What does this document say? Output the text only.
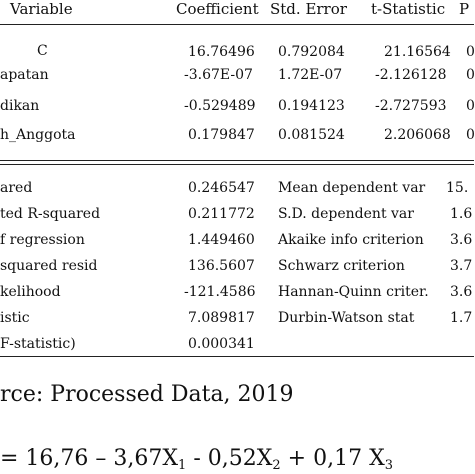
Variable	Coefficient Std. Error t-Statistic P
C	16.76496 0.792084	21.16564 0
apatan	-3.67E-07 1.72E-07 -2.126128 0
dikan	-0.529489 0.194123 -2.727593 0
h_Anggota	0.179847 0.081524	2.206068 0
ared	0.246547 Mean dependent var 15.
ted R-squared	0.211772 S.D. dependent var	1.6
f regression	1.449460 Akaike info criterion 3.6
squared resid	136.5607 Schwarz criterion	3.7
kelihood	-121.4586 Hannan-Quinn criter. 3.6
istic	7.089817 Durbin-Watson stat	1.7
F-statistic)	0.000341
rce: Processed Data, 2019
= $16,76 - 3,67X_1 - 0,52X_2 + 0,17$ $X_3$
